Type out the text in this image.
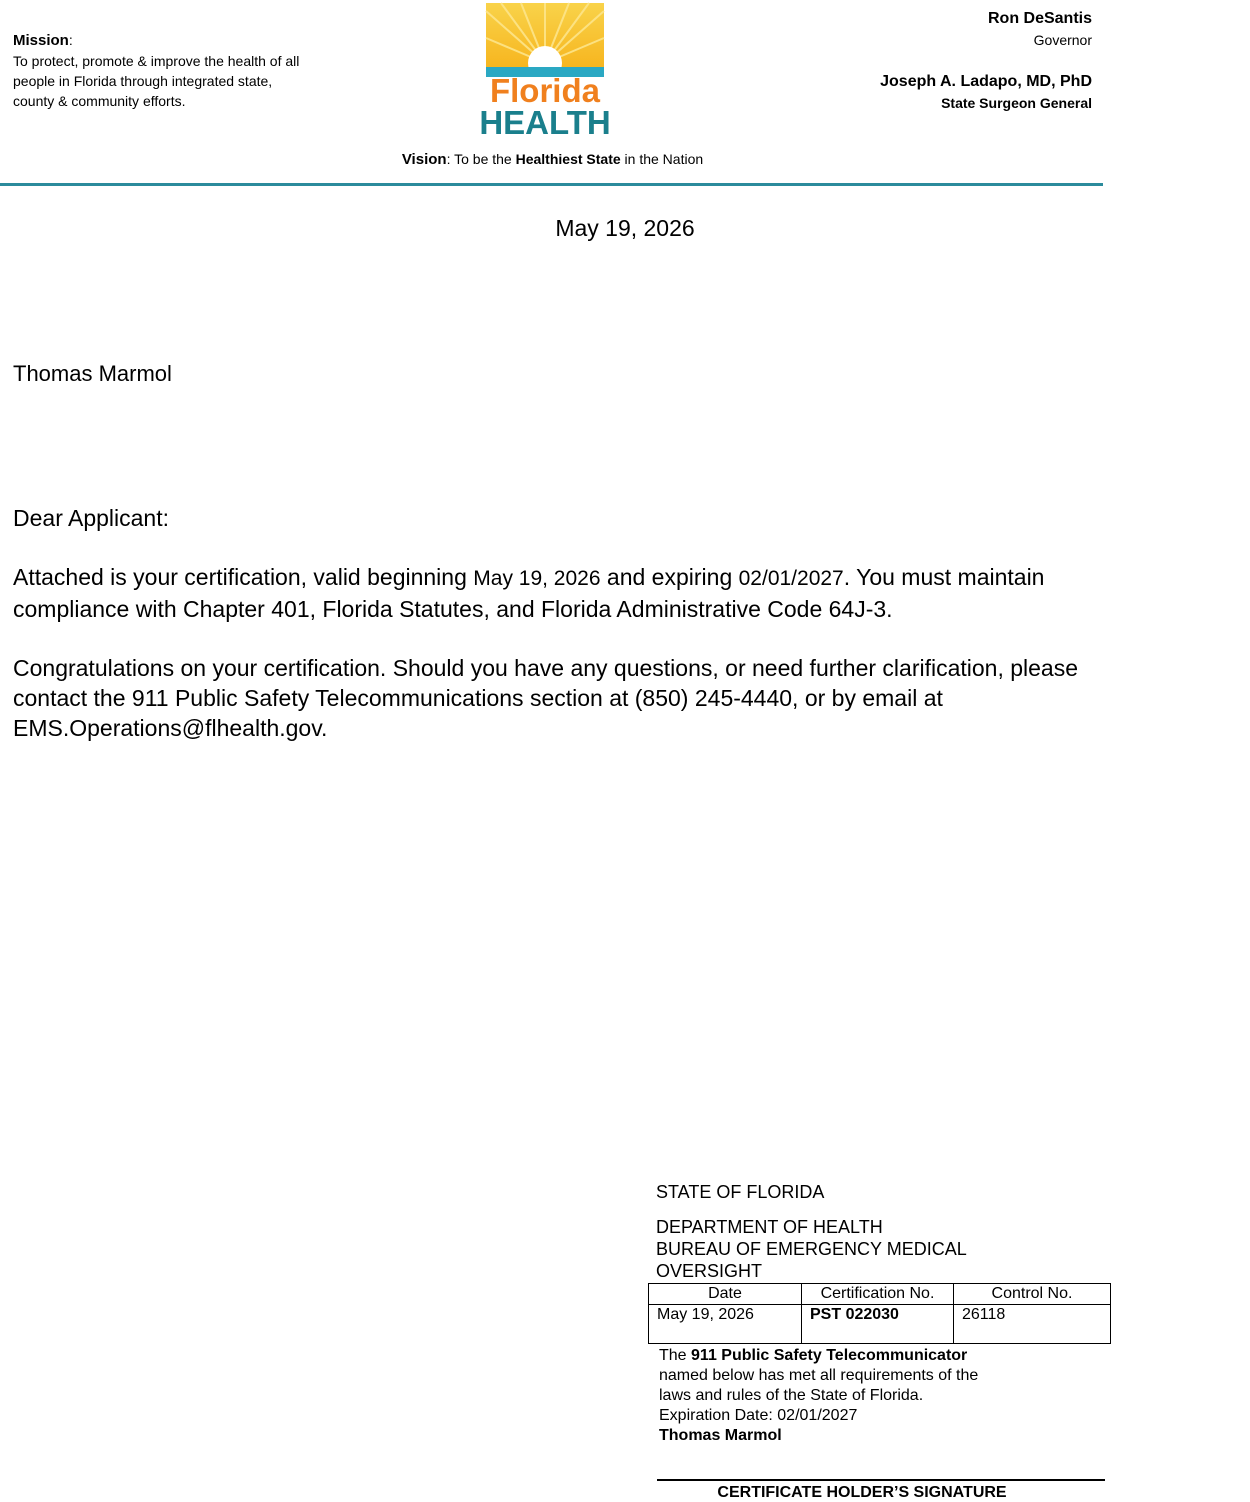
Mission:
To protect, promote & improve the health of all people in Florida through integrated state, county & community efforts.	Florida
HEALTH
Ron DeSantis
Governor
Joseph A. Ladapo, MD, PhD
State Surgeon General
Vision: To be the Healthiest State in the Nation
May 19, 2026
Thomas Marmol

Dear Applicant:

Attached is your certification, valid beginning May 19, 2026 and expiring 02/01/2027. You must maintain compliance with Chapter 401, Florida Statutes, and Florida Administrative Code 64J-3.

Congratulations on your certification. Should you have any questions, or need further clarification, please contact the 911 Public Safety Telecommunications section at (850) 245-4440, or by email at EMS.Operations@flhealth.gov.

STATE OF FLORIDA
DEPARTMENT OF HEALTH
BUREAU OF EMERGENCY MEDICAL OVERSIGHT
Date	Certification No.	Control No.
May 19, 2026	PST 022030	26118
The 911 Public Safety Telecommunicator named below has met all requirements of the laws and rules of the State of Florida.
Expiration Date: 02/01/2027
Thomas Marmol
CERTIFICATE HOLDER’S SIGNATURE
